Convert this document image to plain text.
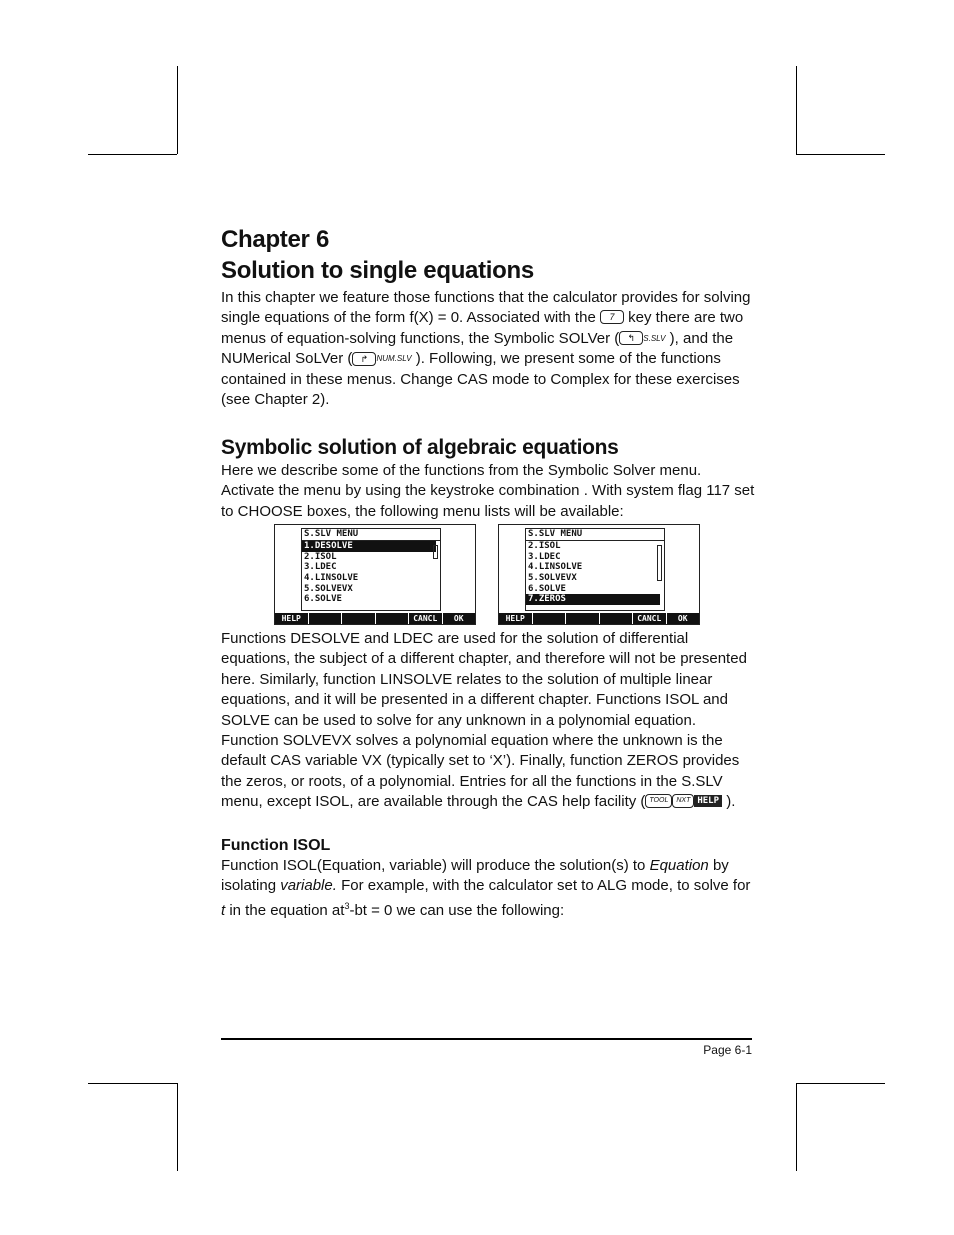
Chapter 6
Solution to single equations

In this chapter we feature those functions that the calculator provides for solving single equations of the form f(X) = 0. Associated with the 7 key there are two menus of equation-solving functions, the Symbolic SOLVer ( ↰ S.SLV ), and the NUMerical SoLVer ( ↱ NUM.SLV ). Following, we present some of the functions contained in these menus. Change CAS mode to Complex for these exercises (see Chapter 2).

Symbolic solution of algebraic equations

Here we describe some of the functions from the Symbolic Solver menu. Activate the menu by using the keystroke combination . With system flag 117 set to CHOOSE boxes, the following menu lists will be available:

S.SLV MENU
1.DESOLVE
2.ISOL
3.LDEC
4.LINSOLVE
5.SOLVEVX
6.SOLVE
HELP	CANCL	OK
S.SLV MENU
2.ISOL
3.LDEC
4.LINSOLVE
5.SOLVEVX
6.SOLVE
7.ZEROS
HELP	CANCL	OK

Functions DESOLVE and LDEC are used for the solution of differential equations, the subject of a different chapter, and therefore will not be presented here. Similarly, function LINSOLVE relates to the solution of multiple linear equations, and it will be presented in a different chapter. Functions ISOL and SOLVE can be used to solve for any unknown in a polynomial equation. Function SOLVEVX solves a polynomial equation where the unknown is the default CAS variable VX (typically set to ‘X’). Finally, function ZEROS provides the zeros, or roots, of a polynomial. Entries for all the functions in the S.SLV menu, except ISOL, are available through the CAS help facility ( TOOL NXT HELP ).

Function ISOL

Function ISOL(Equation, variable) will produce the solution(s) to Equation by isolating variable. For example, with the calculator set to ALG mode, to solve for t in the equation $at^3-bt = 0$ we can use the following:

Page 6-1
